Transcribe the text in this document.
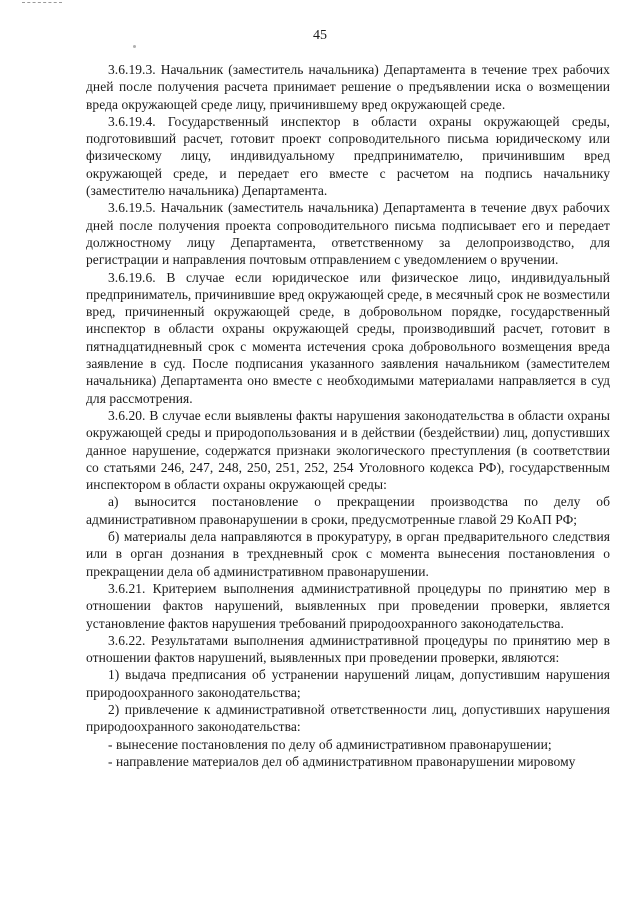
45

3.6.19.3. Начальник (заместитель начальника) Департамента в течение трех рабочих дней после получения расчета принимает решение о предъявлении иска о возмещении вреда окружающей среде лицу, причинившему вред окружающей среде.

3.6.19.4. Государственный инспектор в области охраны окружающей среды, подготовивший расчет, готовит проект сопроводительного письма юридическому или физическому лицу, индивидуальному предпринимателю, причинившим вред окружающей среде, и передает его вместе с расчетом на подпись начальнику (заместителю начальника) Департамента.

3.6.19.5. Начальник (заместитель начальника) Департамента в течение двух рабочих дней после получения проекта сопроводительного письма подписывает его и передает должностному лицу Департамента, ответственному за делопроизводство, для регистрации и направления почтовым отправлением с уведомлением о вручении.

3.6.19.6. В случае если юридическое или физическое лицо, индивидуальный предприниматель, причинившие вред окружающей среде, в месячный срок не возместили вред, причиненный окружающей среде, в добровольном порядке, государственный инспектор в области охраны окружающей среды, производивший расчет, готовит в пятнадцатидневный срок с момента истечения срока добровольного возмещения вреда заявление в суд. После подписания указанного заявления начальником (заместителем начальника) Департамента оно вместе с необходимыми материалами направляется в суд для рассмотрения.

3.6.20. В случае если выявлены факты нарушения законодательства в области охраны окружающей среды и природопользования и в действии (бездействии) лиц, допустивших данное нарушение, содержатся признаки экологического преступления (в соответствии со статьями 246, 247, 248, 250, 251, 252, 254 Уголовного кодекса РФ), государственным инспектором в области охраны окружающей среды:

а) выносится постановление о прекращении производства по делу об административном правонарушении в сроки, предусмотренные главой 29 КоАП РФ;

б) материалы дела направляются в прокуратуру, в орган предварительного следствия или в орган дознания в трехдневный срок с момента вынесения постановления о прекращении дела об административном правонарушении.

3.6.21. Критерием выполнения административной процедуры по принятию мер в отношении фактов нарушений, выявленных при проведении проверки, является установление фактов нарушения требований природоохранного законодательства.

3.6.22. Результатами выполнения административной процедуры по принятию мер в отношении фактов нарушений, выявленных при проведении проверки, являются:

1) выдача предписания об устранении нарушений лицам, допустившим нарушения природоохранного законодательства;

2) привлечение к административной ответственности лиц, допустивших нарушения природоохранного законодательства:

- вынесение постановления по делу об административном правонарушении;

- направление материалов дел об административном правонарушении мировому
